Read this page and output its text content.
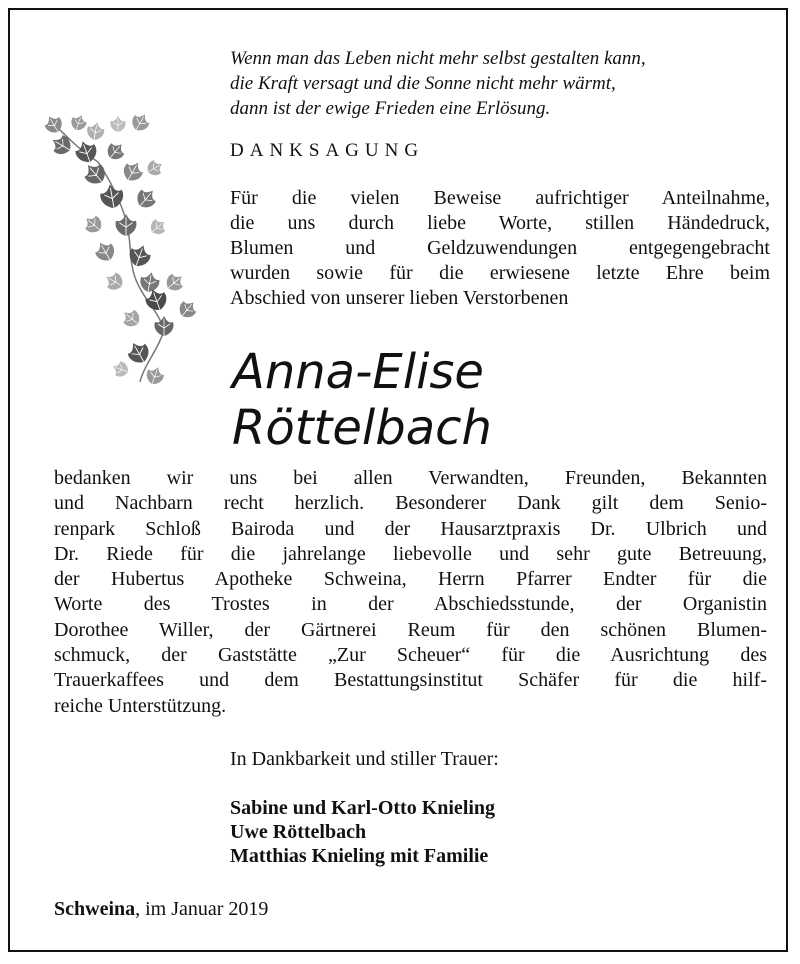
Wenn man das Leben nicht mehr selbst gestalten kann,
die Kraft versagt und die Sonne nicht mehr wärmt,
dann ist der ewige Frieden eine Erlösung.
DANKSAGUNG
Für die vielen Beweise aufrichtiger Anteilnahme,
die uns durch liebe Worte, stillen Händedruck,
Blumen und Geldzuwendungen entgegengebracht
wurden sowie für die erwiesene letzte Ehre beim
Abschied von unserer lieben Verstorbenen
Anna-Elise
Röttelbach
bedanken wir uns bei allen Verwandten, Freunden, Bekannten
und Nachbarn recht herzlich. Besonderer Dank gilt dem Senio-
renpark Schloß Bairoda und der Hausarztpraxis Dr. Ulbrich und
Dr. Riede für die jahrelange liebevolle und sehr gute Betreuung,
der Hubertus Apotheke Schweina, Herrn Pfarrer Endter für die
Worte des Trostes in der Abschiedsstunde, der Organistin
Dorothee Willer, der Gärtnerei Reum für den schönen Blumen-
schmuck, der Gaststätte „Zur Scheuer“ für die Ausrichtung des
Trauerkaffees und dem Bestattungsinstitut Schäfer für die hilf-
reiche Unterstützung.
In Dankbarkeit und stiller Trauer:
Sabine und Karl-Otto Knieling
Uwe Röttelbach
Matthias Knieling mit Familie
Schweina, im Januar 2019
